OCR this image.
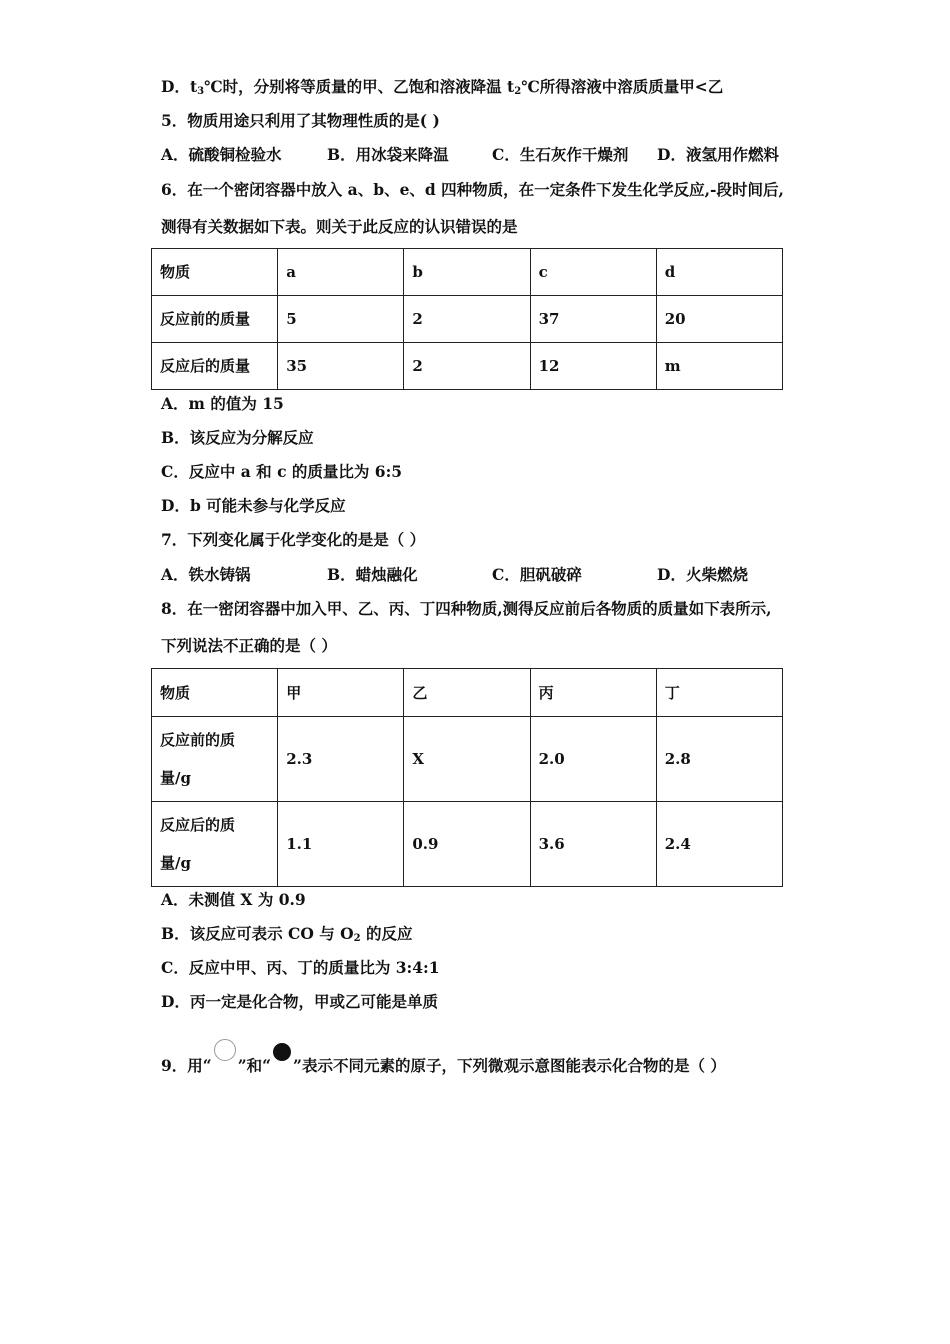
D．$t_3℃$时，分别将等质量的甲、乙饱和溶液降温 $t_2℃$所得溶液中溶质质量甲<乙
5．物质用途只利用了其物理性质的是( )
A．硫酸铜检验水	B．用冰袋来降温	C．生石灰作干燥剂 D．液氢用作燃料
6．在一个密闭容器中放入 a、b、e、d 四种物质，在一定条件下发生化学反应,-段时间后,
测得有关数据如下表。则关于此反应的认识错误的是
物质	a	b	c	d
反应前的质量	5	2	37	20
反应后的质量	35	2	12	m
A．m 的值为 15
B．该反应为分解反应
C．反应中 a 和 c 的质量比为 6:5
D．b 可能未参与化学反应
7．下列变化属于化学变化的是是（ ）
A．铁水铸锅	B．蜡烛融化	C．胆矾破碎	D．火柴燃烧
8．在一密闭容器中加入甲、乙、丙、丁四种物质,测得反应前后各物质的质量如下表所示,
下列说法不正确的是（ ）
物质	甲	乙	丙	丁
反应前的质
量/g	2.3	X	2.0	2.8
反应后的质
量/g	1.1	0.9	3.6	2.4
A．未测值 X 为 0.9
B．该反应可表示 CO 与 $O_2$ 的反应
C．反应中甲、丙、丁的质量比为 3:4:1
D．丙一定是化合物，甲或乙可能是单质
9．用“ ”和“ ”表示不同元素的原子，下列微观示意图能表示化合物的是（ ）
